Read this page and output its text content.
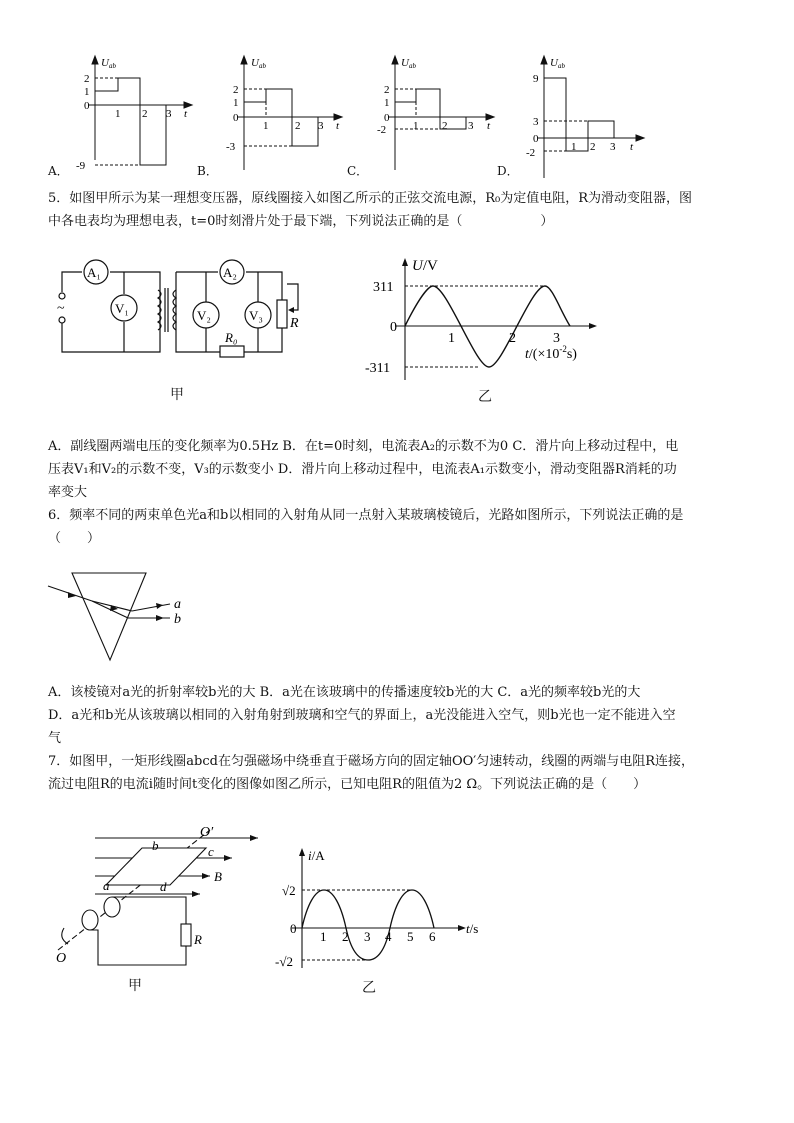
Uab
2
1
0
-9
1 2 3 t
Uab
2
1
0
-3
1 2 3 t
Uab
2
1
0
-2 1 2 3 t
Uab
9
3
0
-2	1 2 3 t
A．	B．	C．	D．
5．如图甲所示为某一理想变压器，原线圈接入如图乙所示的正弦交流电源，R₀为定值电阻，R为滑动变阻器，图
中各电表均为理想电表，t=0时刻滑片处于最下端，下列说法正确的是（　　　　　　）
A₁
V₁
A₂
V₂	V₃
R₀
R
~
甲
U/V
311
0
-311
1	2	3
$t/(\times 10^{-2}s)$
乙
A．副线圈两端电压的变化频率为0.5Hz B．在t=0时刻，电流表A₂的示数不为0 C．滑片向上移动过程中，电
压表V₁和V₂的示数不变，V₃的示数变小 D．滑片向上移动过程中，电流表A₁示数变小，滑动变阻器R消耗的功
率变大
6．频率不同的两束单色光a和b以相同的入射角从同一点射入某玻璃棱镜后，光路如图所示，下列说法正确的是
（　　）
a
b
A．该棱镜对a光的折射率较b光的大 B．a光在该玻璃中的传播速度较b光的大 C．a光的频率较b光的大
D．a光和b光从该玻璃以相同的入射角射到玻璃和空气的界面上，a光没能进入空气，则b光也一定不能进入空
气
7．如图甲，一矩形线圈abcd在匀强磁场中绕垂直于磁场方向的固定轴OO′匀速转动，线圈的两端与电阻R连接，
流过电阻R的电流i随时间t变化的图像如图乙所示，已知电阻R的阻值为2 Ω。下列说法正确的是（　　）
O′
O
a
b	c
d
B
R
甲
i/A
√2
0
-√2
1 2 3 4 5 6
t/s
乙
